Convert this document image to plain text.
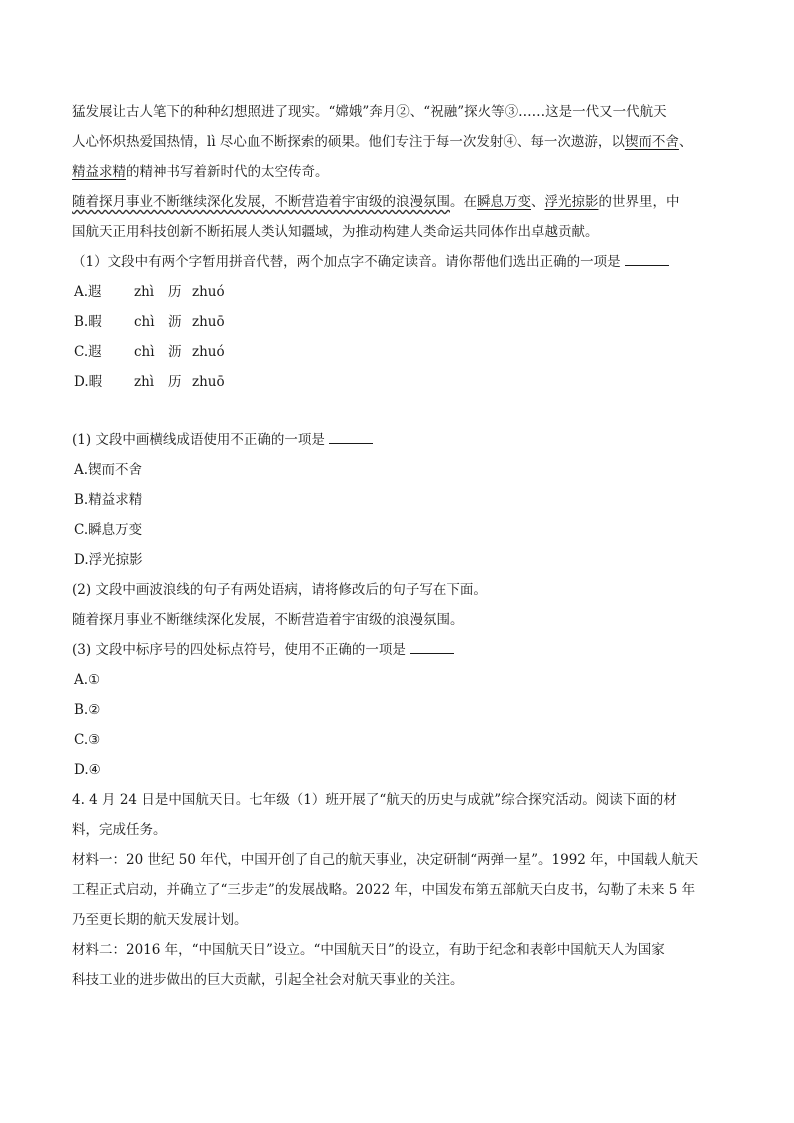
猛发展让古人笔下的种种幻想照进了现实。“嫦娥”奔月②、“祝融”探火等③……这是一代又一代航天
人心怀炽热爱国热情，lì 尽心血不断探索的硕果。他们专注于每一次发射④、每一次遨游，以锲而不舍、
精益求精的精神书写着新时代的太空传奇。
随着探月事业不断继续深化发展，不断营造着宇宙级的浪漫氛围。在瞬息万变、浮光掠影的世界里，中
国航天正用科技创新不断拓展人类认知疆域，为推动构建人类命运共同体作出卓越贡献。
（1）文段中有两个字暂用拼音代替，两个加点字不确定读音。请你帮他们选出正确的一项是
A.遐 zhì 历 zhuó
B.暇 chì 沥 zhuō
C.遐 chì 沥 zhuó
D.暇 zhì 历 zhuō
(1) 文段中画横线成语使用不正确的一项是
A.锲而不舍
B.精益求精
C.瞬息万变
D.浮光掠影
(2) 文段中画波浪线的句子有两处语病，请将修改后的句子写在下面。
随着探月事业不断继续深化发展，不断营造着宇宙级的浪漫氛围。
(3) 文段中标序号的四处标点符号，使用不正确的一项是
A.①
B.②
C.③
D.④
4. 4 月 24 日是中国航天日。七年级（1）班开展了“航天的历史与成就”综合探究活动。阅读下面的材
料，完成任务。
材料一：20 世纪 50 年代，中国开创了自己的航天事业，决定研制“两弹一星”。1992 年，中国载人航天
工程正式启动，并确立了“三步走”的发展战略。2022 年，中国发布第五部航天白皮书，勾勒了未来 5 年
乃至更长期的航天发展计划。
材料二：2016 年，“中国航天日”设立。“中国航天日”的设立，有助于纪念和表彰中国航天人为国家
科技工业的进步做出的巨大贡献，引起全社会对航天事业的关注。
